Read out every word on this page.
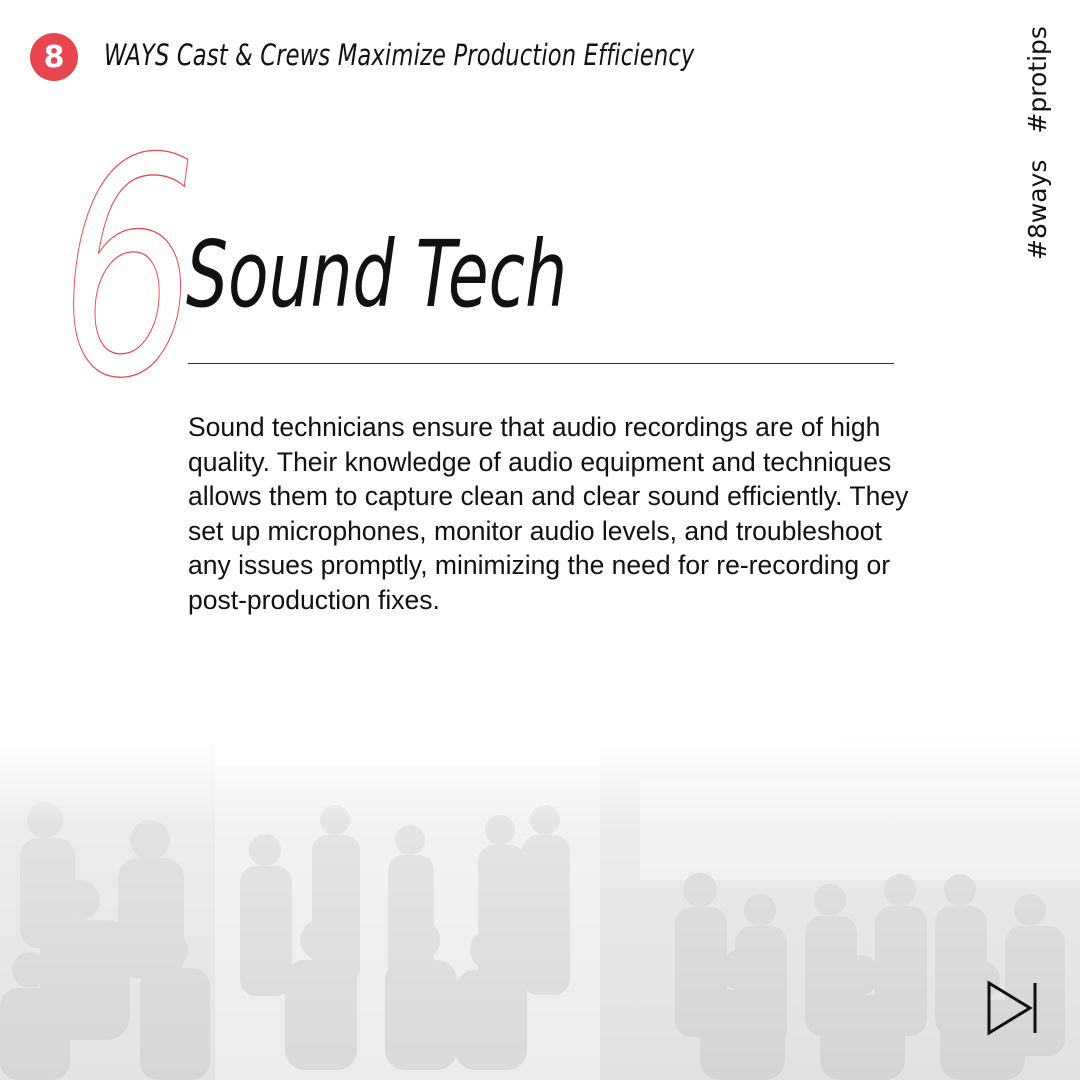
8 WAYS Cast & Crews Maximize Production Efficiency
#8ways
#protips
6
Sound Tech
Sound technicians ensure that audio recordings are of high quality. Their knowledge of audio equipment and techniques allows them to capture clean and clear sound efficiently. They set up microphones, monitor audio levels, and troubleshoot any issues promptly, minimizing the need for re-recording or post-production fixes.
